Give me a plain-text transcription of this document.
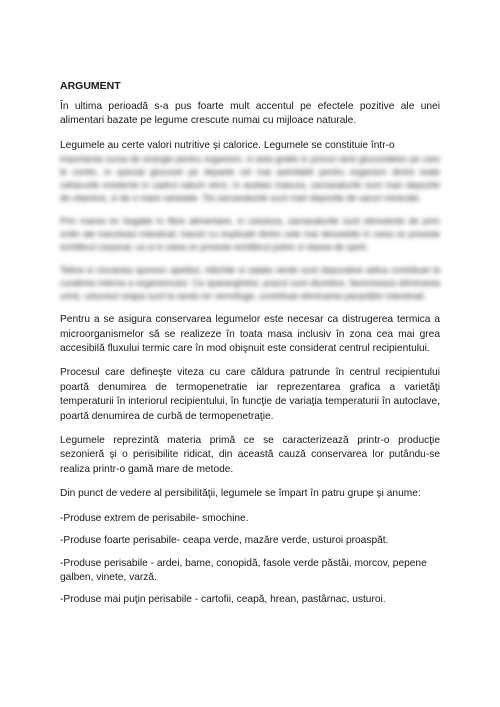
ARGUMENT

În ultima perioadă s-a pus foarte mult accentul pe efectele pozitive ale unei alimentari bazate pe legume crescute numai cu mijloace naturale.

Legumele au certe valori nutritive și calorice. Legumele se constituie într-o

importanta sursa de energie pentru organism, si asta gratie in primul rand glucozidelor pe care le contin, in special glucozei pe departe cel mai asimilabil pentru organism dintre toate zaharurile existente in cadrul naturii verzi. In acelasi masura, zarzavaturile sunt mari depozite de vitamine, si de o mare varietate. Tot zarzavaturile sunt mari depozite de saruri minerale.

Prin marea lor bogatie in fibre alimentare, in celuloza, zarzavaturile sunt stimulente de prim ordin ale tranzitului intestinal, tranzit cu implicatii dintre cele mai deosebite in ceea ce priveste echilibrul corporal, ca si in ceea ce priveste echilibrul psihic si starea de spirit.

Telina si ciocanea sporesc apetitul, ridichile si salata verde sunt depurative adica contribuie la curatirea interna a organismului. Ca sparanghelul, prazul sunt diuretice, favorizeaza eliminarea urinii, usturoiul ceapa sunt la randu lor vermifuge, contribuie eliminarea paraziților intestinali.

Pentru a se asigura conservarea legumelor este necesar ca distrugerea termica a microorganismelor să se realizeze în toata masa inclusiv în zona cea mai grea accesibilă fluxului termic care în mod obişnuit este considerat centrul recipientului.

Procesul care defineşte viteza cu care căldura patrunde în centrul recipientului poartă denumirea de termopenetratie iar reprezentarea grafica a varietăţi temperaturii în interiorul recipientului, în funcţie de variaţia temperaturii în autoclave, poartă denumirea de curbă de termopenetraţie.

Legumele reprezintă materia primă ce se caracterizează printr-o producţie sezonieră şi o perisibilite ridicat, din această cauză conservarea lor putându-se realiza printr-o gamă mare de metode.

Din punct de vedere al persibilităţii, legumele se împart în patru grupe şi anume:

-Produse extrem de perisabile- smochine.

-Produse foarte perisabile- ceapa verde, mazăre verde, usturoi proaspăt.

-Produse perisabile - ardei, bame, conopidă, fasole verde păstăi, morcov, pepene galben, vinete, varză.

-Produse mai puţin perisabile - cartofii, ceapă, hrean, pastârnac, usturoi.
